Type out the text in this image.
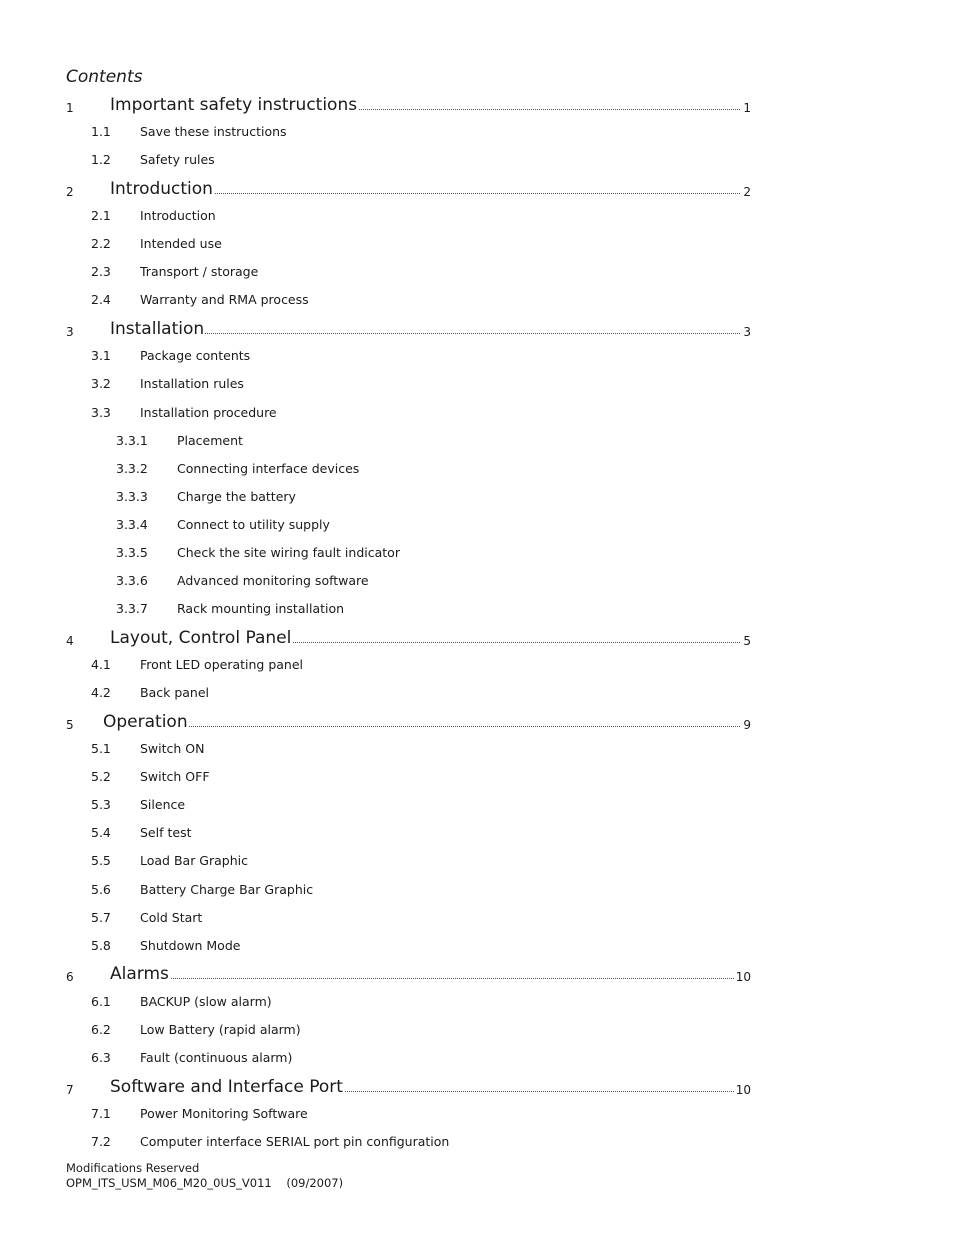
Contents
1 Important safety instructions	1
1.1 Save these instructions
1.2 Safety rules
2 Introduction	2
2.1 Introduction
2.2 Intended use
2.3 Transport / storage
2.4 Warranty and RMA process
3 Installation	3
3.1 Package contents
3.2 Installation rules
3.3 Installation procedure
3.3.1 Placement
3.3.2 Connecting interface devices
3.3.3 Charge the battery
3.3.4 Connect to utility supply
3.3.5 Check the site wiring fault indicator
3.3.6 Advanced monitoring software
3.3.7 Rack mounting installation
4 Layout, Control Panel	5
4.1 Front LED operating panel
4.2 Back panel
5 Operation	9
5.1 Switch ON
5.2 Switch OFF
5.3 Silence
5.4 Self test
5.5 Load Bar Graphic
5.6 Battery Charge Bar Graphic
5.7 Cold Start
5.8 Shutdown Mode
6 Alarms	10
6.1 BACKUP (slow alarm)
6.2 Low Battery (rapid alarm)
6.3 Fault (continuous alarm)
7 Software and Interface Port	10
7.1 Power Monitoring Software
7.2 Computer interface SERIAL port pin configuration
Modifications Reserved
OPM_ITS_USM_M06_M20_0US_V011    (09/2007)
